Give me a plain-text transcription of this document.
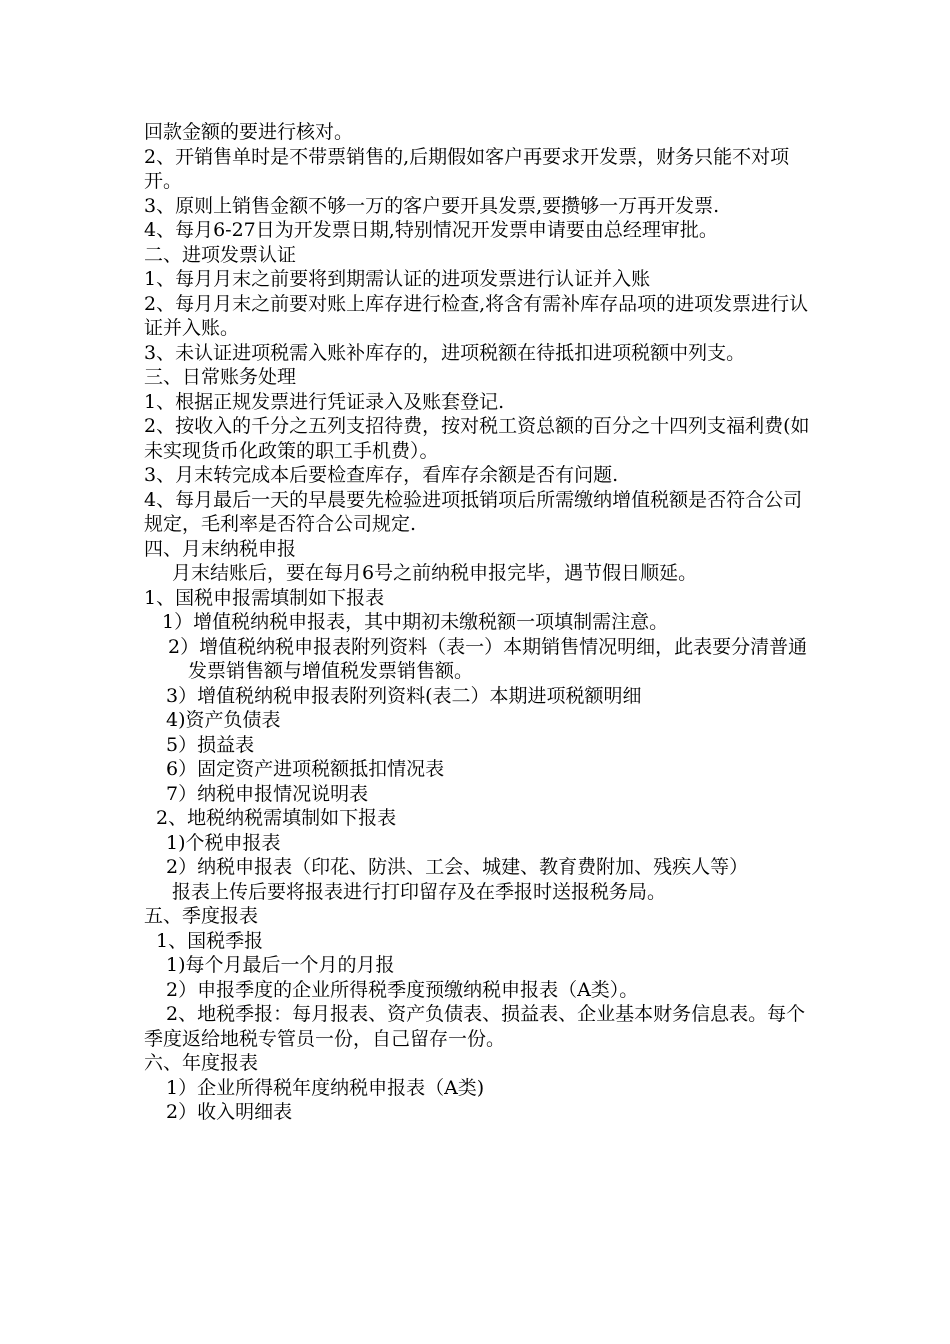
回款金额的要进行核对。

2、开销售单时是不带票销售的,后期假如客户再要求开发票，财务只能不对项开。

3、原则上销售金额不够一万的客户要开具发票,要攒够一万再开发票.

4、每月6-27日为开发票日期,特别情况开发票申请要由总经理审批。

二、进项发票认证

1、每月月末之前要将到期需认证的进项发票进行认证并入账

2、每月月末之前要对账上库存进行检查,将含有需补库存品项的进项发票进行认证并入账。

3、未认证进项税需入账补库存的，进项税额在待抵扣进项税额中列支。

三、日常账务处理

1、根据正规发票进行凭证录入及账套登记.

2、按收入的千分之五列支招待费，按对税工资总额的百分之十四列支福利费(如未实现货币化政策的职工手机费）。

3、月末转完成本后要检查库存，看库存余额是否有问题.

4、每月最后一天的早晨要先检验进项抵销项后所需缴纳增值税额是否符合公司规定，毛利率是否符合公司规定.

四、月末纳税申报

月末结账后，要在每月6号之前纳税申报完毕，遇节假日顺延。

1、国税申报需填制如下报表

1）增值税纳税申报表，其中期初未缴税额一项填制需注意。

2）增值税纳税申报表附列资料（表一）本期销售情况明细，此表要分清普通发票销售额与增值税发票销售额。

3）增值税纳税申报表附列资料(表二）本期进项税额明细

4)资产负债表

5）损益表

6）固定资产进项税额抵扣情况表

7）纳税申报情况说明表

2、地税纳税需填制如下报表

1)个税申报表

2）纳税申报表（印花、防洪、工会、城建、教育费附加、残疾人等）

报表上传后要将报表进行打印留存及在季报时送报税务局。

五、季度报表

1、国税季报

1)每个月最后一个月的月报

2）申报季度的企业所得税季度预缴纳税申报表（A类）。

2、地税季报：每月报表、资产负债表、损益表、企业基本财务信息表。每个季度返给地税专管员一份，自己留存一份。

六、年度报表

1）企业所得税年度纳税申报表（A类)

2）收入明细表
